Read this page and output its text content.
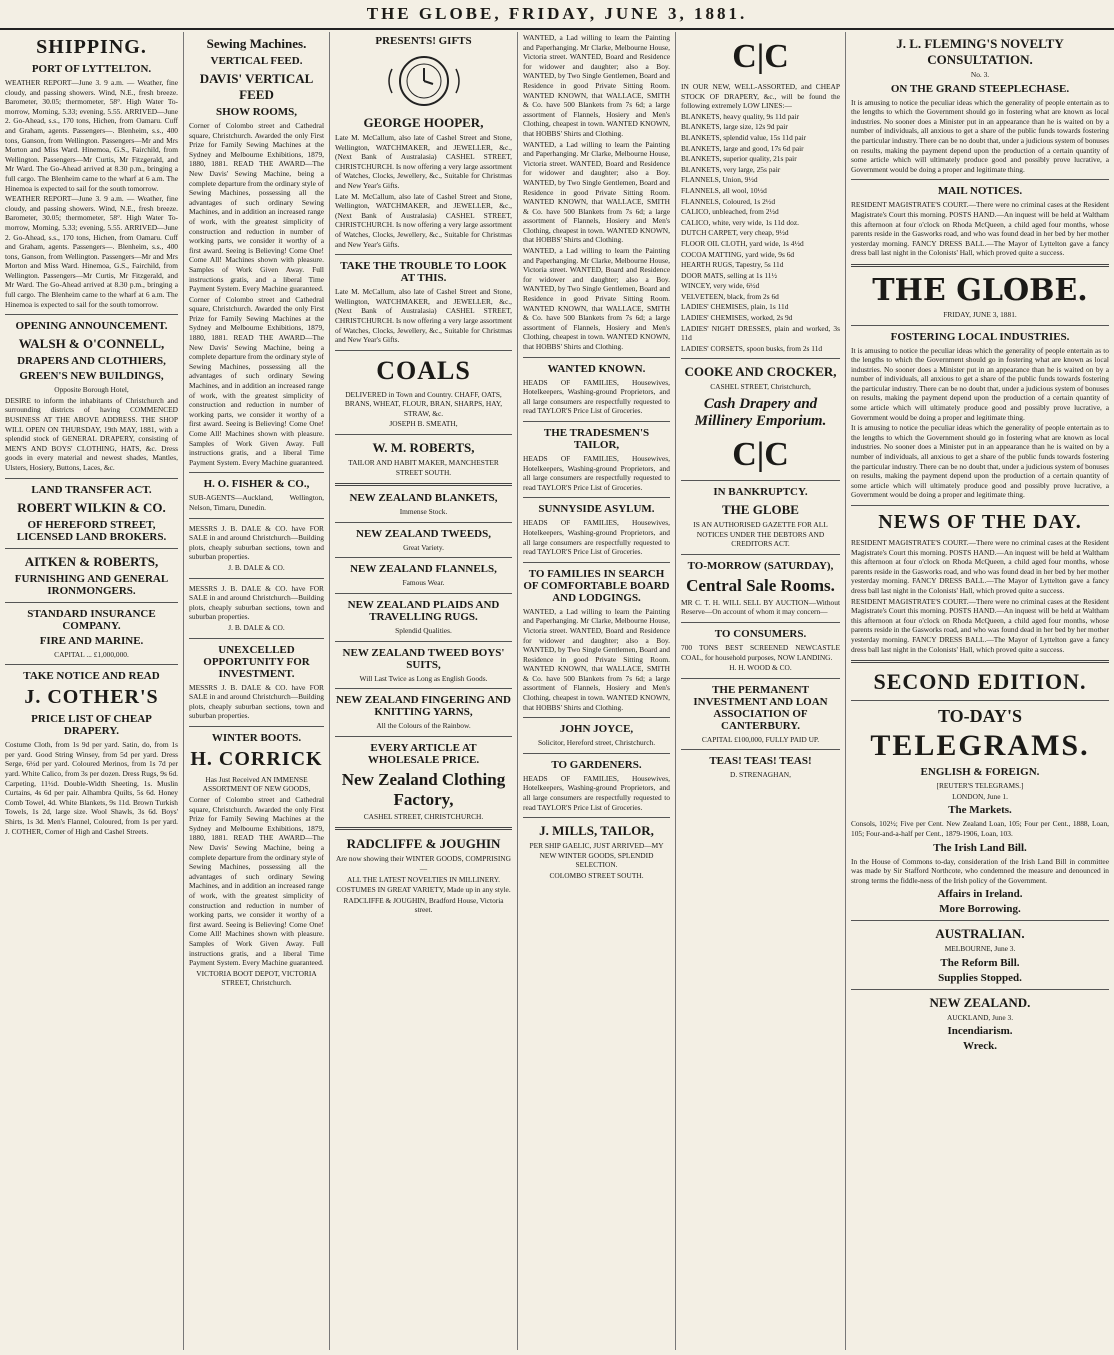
THE GLOBE, FRIDAY, JUNE 3, 1881.
SHIPPING.
PORT OF LYTTELTON.

WEATHER REPORT—June 3. 9 a.m. — Weather, fine cloudy, and passing showers. Wind, N.E., fresh breeze. Barometer, 30.05; thermometer, 58°. High Water To-morrow, Morning, 5.33; evening, 5.55. ARRIVED—June 2. Go-Ahead, s.s., 170 tons, Hichen, from Oamaru. Cuff and Graham, agents. Passengers—. Blenheim, s.s., 400 tons, Ganson, from Wellington. Passengers—Mr and Mrs Morton and Miss Ward. Hinemoa, G.S., Fairchild, from Wellington. Passengers—Mr Curtis, Mr Fitzgerald, and Mr Ward. The Go-Ahead arrived at 8.30 p.m., bringing a full cargo. The Blenheim came to the wharf at 6 a.m. The Hinemoa is expected to sail for the south tomorrow.

WEATHER REPORT—June 3. 9 a.m. — Weather, fine cloudy, and passing showers. Wind, N.E., fresh breeze. Barometer, 30.05; thermometer, 58°. High Water To-morrow, Morning, 5.33; evening, 5.55. ARRIVED—June 2. Go-Ahead, s.s., 170 tons, Hichen, from Oamaru. Cuff and Graham, agents. Passengers—. Blenheim, s.s., 400 tons, Ganson, from Wellington. Passengers—Mr and Mrs Morton and Miss Ward. Hinemoa, G.S., Fairchild, from Wellington. Passengers—Mr Curtis, Mr Fitzgerald, and Mr Ward. The Go-Ahead arrived at 8.30 p.m., bringing a full cargo. The Blenheim came to the wharf at 6 a.m. The Hinemoa is expected to sail for the south tomorrow.

OPENING ANNOUNCEMENT.
WALSH & O'CONNELL,
DRAPERS AND CLOTHIERS,
GREEN'S NEW BUILDINGS,

Opposite Borough Hotel,

DESIRE to inform the inhabitants of Christchurch and surrounding districts of having COMMENCED BUSINESS AT THE ABOVE ADDRESS. THE SHOP WILL OPEN ON THURSDAY, 19th MAY, 1881, with a splendid stock of GENERAL DRAPERY, consisting of MEN'S AND BOYS' CLOTHING, HATS, &c. Dress goods in every material and newest shades, Mantles, Ulsters, Hosiery, Buttons, Laces, &c.

LAND TRANSFER ACT.
ROBERT WILKIN & CO.
OF HEREFORD STREET, LICENSED LAND BROKERS.
AITKEN & ROBERTS,
FURNISHING AND GENERAL IRONMONGERS.
STANDARD INSURANCE COMPANY.
FIRE AND MARINE.

CAPITAL ... £1,000,000.

TAKE NOTICE AND READ
J. COTHER'S
PRICE LIST OF CHEAP DRAPERY.

Costume Cloth, from 1s 9d per yard. Satin, do, from 1s per yard. Good String Winsey, from 5d per yard. Dress Serge, 6½d per yard. Coloured Merinos, from 1s 7d per yard. White Calico, from 3s per dozen. Dress Rugs, 9s 6d. Carpeting, 11½d. Double-Width Sheeting, 1s. Muslin Curtains, 4s 6d per pair. Alhambra Quilts, 5s 6d. Honey Comb Towel, 4d. White Blankets, 9s 11d. Brown Turkish Towels, 1s 2d, large size. Wool Shawls, 3s 6d. Boys' Shirts, 1s 3d. Men's Flannel, Coloured, from 1s per yard. J. COTHER, Corner of High and Cashel Streets.

Sewing Machines.
VERTICAL FEED.
DAVIS' VERTICAL FEED
SHOW ROOMS,

Corner of Colombo street and Cathedral square, Christchurch. Awarded the only First Prize for Family Sewing Machines at the Sydney and Melbourne Exhibitions, 1879, 1880, 1881. READ THE AWARD—The New Davis' Sewing Machine, being a complete departure from the ordinary style of Sewing Machines, possessing all the advantages of such ordinary Sewing Machines, and in addition an increased range of work, with the greatest simplicity of construction and reduction in number of working parts, we consider it worthy of a first award. Seeing is Believing! Come One! Come All! Machines shown with pleasure. Samples of Work Given Away. Full instructions gratis, and a liberal Time Payment System. Every Machine guaranteed.

Corner of Colombo street and Cathedral square, Christchurch. Awarded the only First Prize for Family Sewing Machines at the Sydney and Melbourne Exhibitions, 1879, 1880, 1881. READ THE AWARD—The New Davis' Sewing Machine, being a complete departure from the ordinary style of Sewing Machines, possessing all the advantages of such ordinary Sewing Machines, and in addition an increased range of work, with the greatest simplicity of construction and reduction in number of working parts, we consider it worthy of a first award. Seeing is Believing! Come One! Come All! Machines shown with pleasure. Samples of Work Given Away. Full instructions gratis, and a liberal Time Payment System. Every Machine guaranteed.

H. O. FISHER & CO.,

SUB-AGENTS—Auckland, Wellington, Nelson, Timaru, Dunedin.

MESSRS J. B. DALE & CO. have FOR SALE in and around Christchurch—Building plots, cheaply suburban sections, town and suburban properties.

J. B. DALE & CO.

MESSRS J. B. DALE & CO. have FOR SALE in and around Christchurch—Building plots, cheaply suburban sections, town and suburban properties.

J. B. DALE & CO.

UNEXCELLED OPPORTUNITY FOR INVESTMENT.

MESSRS J. B. DALE & CO. have FOR SALE in and around Christchurch—Building plots, cheaply suburban sections, town and suburban properties.

WINTER BOOTS.
H. CORRICK

Has Just Received AN IMMENSE ASSORTMENT OF NEW GOODS,

Corner of Colombo street and Cathedral square, Christchurch. Awarded the only First Prize for Family Sewing Machines at the Sydney and Melbourne Exhibitions, 1879, 1880, 1881. READ THE AWARD—The New Davis' Sewing Machine, being a complete departure from the ordinary style of Sewing Machines, possessing all the advantages of such ordinary Sewing Machines, and in addition an increased range of work, with the greatest simplicity of construction and reduction in number of working parts, we consider it worthy of a first award. Seeing is Believing! Come One! Come All! Machines shown with pleasure. Samples of Work Given Away. Full instructions gratis, and a liberal Time Payment System. Every Machine guaranteed.

VICTORIA BOOT DEPOT, VICTORIA STREET, Christchurch.

PRESENTS! GIFTS
GEORGE HOOPER,

Late M. McCallum, also late of Cashel Street and Stone, Wellington, WATCHMAKER, and JEWELLER, &c., (Next Bank of Australasia) CASHEL STREET, CHRISTCHURCH. Is now offering a very large assortment of Watches, Clocks, Jewellery, &c., Suitable for Christmas and New Year's Gifts.

Late M. McCallum, also late of Cashel Street and Stone, Wellington, WATCHMAKER, and JEWELLER, &c., (Next Bank of Australasia) CASHEL STREET, CHRISTCHURCH. Is now offering a very large assortment of Watches, Clocks, Jewellery, &c., Suitable for Christmas and New Year's Gifts.

TAKE THE TROUBLE TO LOOK AT THIS.

Late M. McCallum, also late of Cashel Street and Stone, Wellington, WATCHMAKER, and JEWELLER, &c., (Next Bank of Australasia) CASHEL STREET, CHRISTCHURCH. Is now offering a very large assortment of Watches, Clocks, Jewellery, &c., Suitable for Christmas and New Year's Gifts.

COALS

DELIVERED in Town and Country. CHAFF, OATS, BRANS, WHEAT, FLOUR, BRAN, SHARPS, HAY, STRAW, &c.

JOSEPH B. SMEATH,

W. M. ROBERTS,

TAILOR AND HABIT MAKER, MANCHESTER STREET SOUTH.

NEW ZEALAND BLANKETS,

Immense Stock.

NEW ZEALAND TWEEDS,

Great Variety.

NEW ZEALAND FLANNELS,

Famous Wear.

NEW ZEALAND PLAIDS AND TRAVELLING RUGS.

Splendid Qualities.

NEW ZEALAND TWEED BOYS' SUITS,

Will Last Twice as Long as English Goods.

NEW ZEALAND FINGERING AND KNITTING YARNS,

All the Colours of the Rainbow.

EVERY ARTICLE AT WHOLESALE PRICE.
New Zealand Clothing Factory,

CASHEL STREET, CHRISTCHURCH.

RADCLIFFE & JOUGHIN

Are now showing their WINTER GOODS, COMPRISING—

ALL THE LATEST NOVELTIES IN MILLINERY.

COSTUMES IN GREAT VARIETY, Made up in any style.

RADCLIFFE & JOUGHIN, Bradford House, Victoria street.

WANTED, a Lad willing to learn the Painting and Paperhanging. Mr Clarke, Melbourne House, Victoria street. WANTED, Board and Residence for widower and daughter; also a Boy. WANTED, by Two Single Gentlemen, Board and Residence in good Private Sitting Room. WANTED KNOWN, that WALLACE, SMITH & Co. have 500 Blankets from 7s 6d; a large assortment of Flannels, Hosiery and Men's Clothing, cheapest in town. WANTED KNOWN, that HOBBS' Shirts and Clothing.

WANTED, a Lad willing to learn the Painting and Paperhanging. Mr Clarke, Melbourne House, Victoria street. WANTED, Board and Residence for widower and daughter; also a Boy. WANTED, by Two Single Gentlemen, Board and Residence in good Private Sitting Room. WANTED KNOWN, that WALLACE, SMITH & Co. have 500 Blankets from 7s 6d; a large assortment of Flannels, Hosiery and Men's Clothing, cheapest in town. WANTED KNOWN, that HOBBS' Shirts and Clothing.

WANTED, a Lad willing to learn the Painting and Paperhanging. Mr Clarke, Melbourne House, Victoria street. WANTED, Board and Residence for widower and daughter; also a Boy. WANTED, by Two Single Gentlemen, Board and Residence in good Private Sitting Room. WANTED KNOWN, that WALLACE, SMITH & Co. have 500 Blankets from 7s 6d; a large assortment of Flannels, Hosiery and Men's Clothing, cheapest in town. WANTED KNOWN, that HOBBS' Shirts and Clothing.

WANTED KNOWN.

HEADS OF FAMILIES, Housewives, Hotelkeepers, Washing-ground Proprietors, and all large consumers are respectfully requested to read TAYLOR'S Price List of Groceries.

THE TRADESMEN'S TAILOR,

HEADS OF FAMILIES, Housewives, Hotelkeepers, Washing-ground Proprietors, and all large consumers are respectfully requested to read TAYLOR'S Price List of Groceries.

SUNNYSIDE ASYLUM.

HEADS OF FAMILIES, Housewives, Hotelkeepers, Washing-ground Proprietors, and all large consumers are respectfully requested to read TAYLOR'S Price List of Groceries.

TO FAMILIES IN SEARCH OF COMFORTABLE BOARD AND LODGINGS.

WANTED, a Lad willing to learn the Painting and Paperhanging. Mr Clarke, Melbourne House, Victoria street. WANTED, Board and Residence for widower and daughter; also a Boy. WANTED, by Two Single Gentlemen, Board and Residence in good Private Sitting Room. WANTED KNOWN, that WALLACE, SMITH & Co. have 500 Blankets from 7s 6d; a large assortment of Flannels, Hosiery and Men's Clothing, cheapest in town. WANTED KNOWN, that HOBBS' Shirts and Clothing.

JOHN JOYCE,

Solicitor, Hereford street, Christchurch.

TO GARDENERS.

HEADS OF FAMILIES, Housewives, Hotelkeepers, Washing-ground Proprietors, and all large consumers are respectfully requested to read TAYLOR'S Price List of Groceries.

J. MILLS, TAILOR,

PER SHIP GAELIC, JUST ARRIVED—MY NEW WINTER GOODS, SPLENDID SELECTION.

COLOMBO STREET SOUTH.

C|C

IN OUR NEW, WELL-ASSORTED, and CHEAP STOCK OF DRAPERY, &c., will be found the following extremely LOW LINES:—

BLANKETS, heavy quality, 9s 11d pair

BLANKETS, large size, 12s 9d pair

BLANKETS, splendid value, 15s 11d pair

BLANKETS, large and good, 17s 6d pair

BLANKETS, superior quality, 21s pair

BLANKETS, very large, 25s pair

FLANNELS, Union, 9½d

FLANNELS, all wool, 10½d

FLANNELS, Coloured, 1s 2½d

CALICO, unbleached, from 2½d

CALICO, white, very wide, 1s 11d doz.

DUTCH CARPET, very cheap, 9½d

FLOOR OIL CLOTH, yard wide, 1s 4½d

COCOA MATTING, yard wide, 9s 6d

HEARTH RUGS, Tapestry, 5s 11d

DOOR MATS, selling at 1s 11½

WINCEY, very wide, 6½d

VELVETEEN, black, from 2s 6d

LADIES' CHEMISES, plain, 1s 11d

LADIES' CHEMISES, worked, 2s 9d

LADIES' NIGHT DRESSES, plain and worked, 3s 11d

LADIES' CORSETS, spoon busks, from 2s 11d

COOKE AND CROCKER,

CASHEL STREET, Christchurch,

Cash Drapery and Millinery Emporium.
C|C
IN BANKRUPTCY.
THE GLOBE

IS AN AUTHORISED GAZETTE FOR ALL NOTICES UNDER THE DEBTORS AND CREDITORS ACT.

TO-MORROW (SATURDAY),
Central Sale Rooms.

MR C. T. H. WILL SELL BY AUCTION—Without Reserve—On account of whom it may concern—

TO CONSUMERS.

700 TONS BEST SCREENED NEWCASTLE COAL, for household purposes, NOW LANDING.

H. H. WOOD & CO.

THE PERMANENT INVESTMENT AND LOAN ASSOCIATION OF CANTERBURY.

CAPITAL £100,000, FULLY PAID UP.

TEAS! TEAS! TEAS!

D. STRENAGHAN,

J. L. FLEMING'S NOVELTY CONSULTATION.

No. 3.

ON THE GRAND STEEPLECHASE.

It is amusing to notice the peculiar ideas which the generality of people entertain as to the lengths to which the Government should go in fostering what are known as local industries. No sooner does a Minister put in an appearance than he is waited on by a number of individuals, all anxious to get a share of the public funds towards fostering the particular industry. There can be no doubt that, under a judicious system of bonuses on results, making the payment depend upon the production of a certain quantity of some article which will ultimately produce good and possibly prove lucrative, a Government would be doing a proper and legitimate thing.

MAIL NOTICES.

RESIDENT MAGISTRATE'S COURT.—There were no criminal cases at the Resident Magistrate's Court this morning. POSTS HAND.—An inquest will be held at Waltham this afternoon at four o'clock on Rhoda McQueen, a child aged four months, whose parents reside in the Gasworks road, and who was found dead in her bed by her mother yesterday morning. FANCY DRESS BALL.—The Mayor of Lyttelton gave a fancy dress ball last night in the Colonists' Hall, which proved quite a success.

THE GLOBE.

FRIDAY, JUNE 3, 1881.

FOSTERING LOCAL INDUSTRIES.

It is amusing to notice the peculiar ideas which the generality of people entertain as to the lengths to which the Government should go in fostering what are known as local industries. No sooner does a Minister put in an appearance than he is waited on by a number of individuals, all anxious to get a share of the public funds towards fostering the particular industry. There can be no doubt that, under a judicious system of bonuses on results, making the payment depend upon the production of a certain quantity of some article which will ultimately produce good and possibly prove lucrative, a Government would be doing a proper and legitimate thing.

It is amusing to notice the peculiar ideas which the generality of people entertain as to the lengths to which the Government should go in fostering what are known as local industries. No sooner does a Minister put in an appearance than he is waited on by a number of individuals, all anxious to get a share of the public funds towards fostering the particular industry. There can be no doubt that, under a judicious system of bonuses on results, making the payment depend upon the production of a certain quantity of some article which will ultimately produce good and possibly prove lucrative, a Government would be doing a proper and legitimate thing.

NEWS OF THE DAY.

RESIDENT MAGISTRATE'S COURT.—There were no criminal cases at the Resident Magistrate's Court this morning. POSTS HAND.—An inquest will be held at Waltham this afternoon at four o'clock on Rhoda McQueen, a child aged four months, whose parents reside in the Gasworks road, and who was found dead in her bed by her mother yesterday morning. FANCY DRESS BALL.—The Mayor of Lyttelton gave a fancy dress ball last night in the Colonists' Hall, which proved quite a success.

RESIDENT MAGISTRATE'S COURT.—There were no criminal cases at the Resident Magistrate's Court this morning. POSTS HAND.—An inquest will be held at Waltham this afternoon at four o'clock on Rhoda McQueen, a child aged four months, whose parents reside in the Gasworks road, and who was found dead in her bed by her mother yesterday morning. FANCY DRESS BALL.—The Mayor of Lyttelton gave a fancy dress ball last night in the Colonists' Hall, which proved quite a success.

SECOND EDITION.
TO-DAY'S
TELEGRAMS.
ENGLISH & FOREIGN.

[REUTER'S TELEGRAMS.]

LONDON, June 1.

The Markets.

Consols, 102½; Five per Cent. New Zealand Loan, 105; Four per Cent., 1888, Loan, 105; Four-and-a-half per Cent., 1879-1906, Loan, 103.

The Irish Land Bill.

In the House of Commons to-day, consideration of the Irish Land Bill in committee was made by Sir Stafford Northcote, who condemned the measure and denounced in strong terms the fiddle-ness of the Irish policy of the Government.

Affairs in Ireland.
More Borrowing.
AUSTRALIAN.

MELBOURNE, June 3.

The Reform Bill.
Supplies Stopped.
NEW ZEALAND.

AUCKLAND, June 3.

Incendiarism.
Wreck.
